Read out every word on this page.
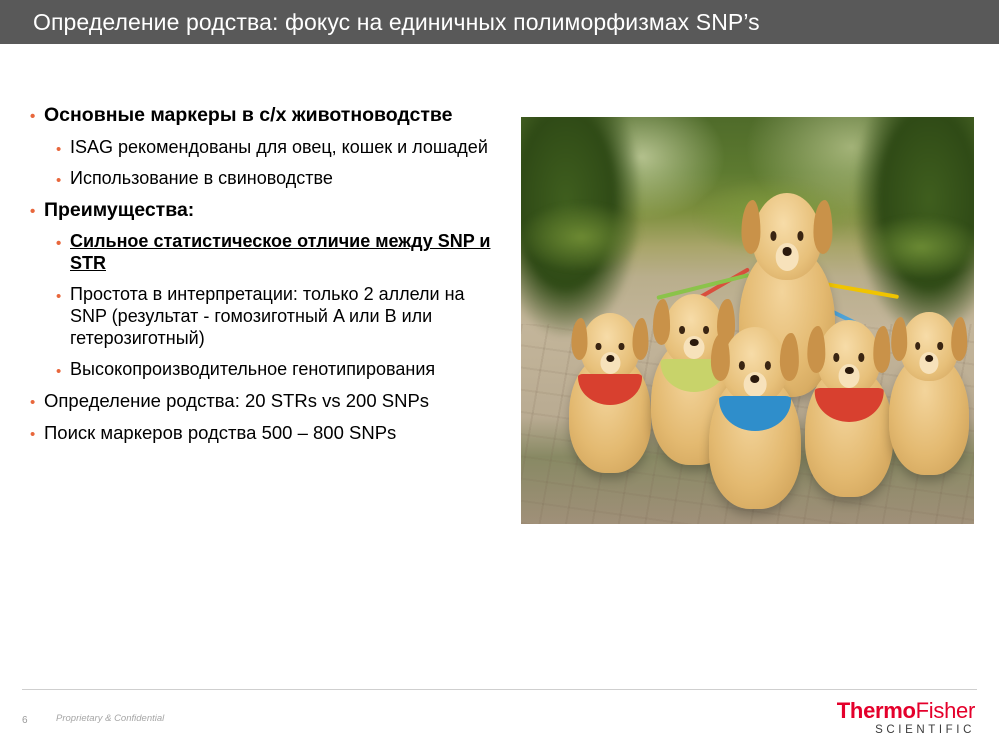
Определение родства: фокус на единичных полиморфизмах SNP’s
• Основные маркеры в с/х животноводстве
• ISAG рекомендованы для овец, кошек и лошадей
• Использование в свиноводстве
• Преимущества:
• Сильное статистическое отличие между SNP и STR
• Простота в интерпретации: только 2 аллели на SNP (результат - гомозиготный A или B или гетерозиготный)
• Высокопроизводительное генотипирования
• Определение родства: 20 STRs vs 200 SNPs
• Поиск маркеров родства 500 – 800 SNPs
6	Proprietary & Confidential	ThermoFisher
SCIENTIFIC
